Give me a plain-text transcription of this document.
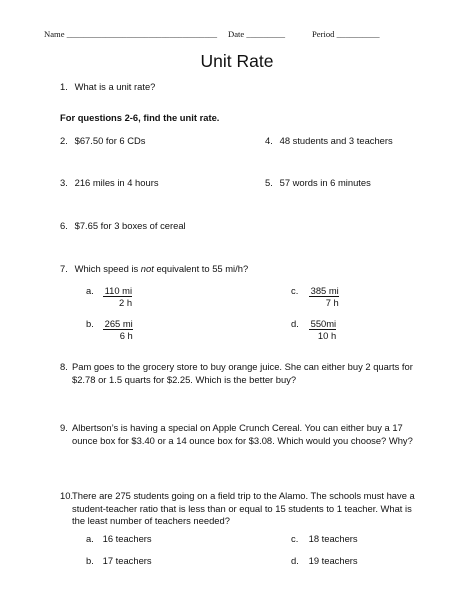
Name ___________________________________ Date _________	Period __________
Unit Rate
1. What is a unit rate?
For questions 2-6, find the unit rate.
2. $67.50 for 6 CDs	4. 48 students and 3 teachers
3. 216 miles in 4 hours	5. 57 words in 6 minutes
6. $7.65 for 3 boxes of cereal
7. Which speed is not equivalent to 55 mi/h?
a. $\frac{110 mi}{2 h}$	c. $\frac{385 mi}{7 h}$
b. $\frac{265 mi}{6 h}$	d. $\frac{550mi}{10 h}$
8. Pam goes to the grocery store to buy orange juice. She can either buy 2 quarts for
$2.78 or 1.5 quarts for $2.25. Which is the better buy?
9. Albertson’s is having a special on Apple Crunch Cereal. You can either buy a 17
ounce box for $3.40 or a 14 ounce box for $3.08. Which would you choose? Why?
10.There are 275 students going on a field trip to the Alamo. The schools must have a
student-teacher ratio that is less than or equal to 15 students to 1 teacher. What is
the least number of teachers needed?
a. 16 teachers	c. 18 teachers
b. 17 teachers	d. 19 teachers
